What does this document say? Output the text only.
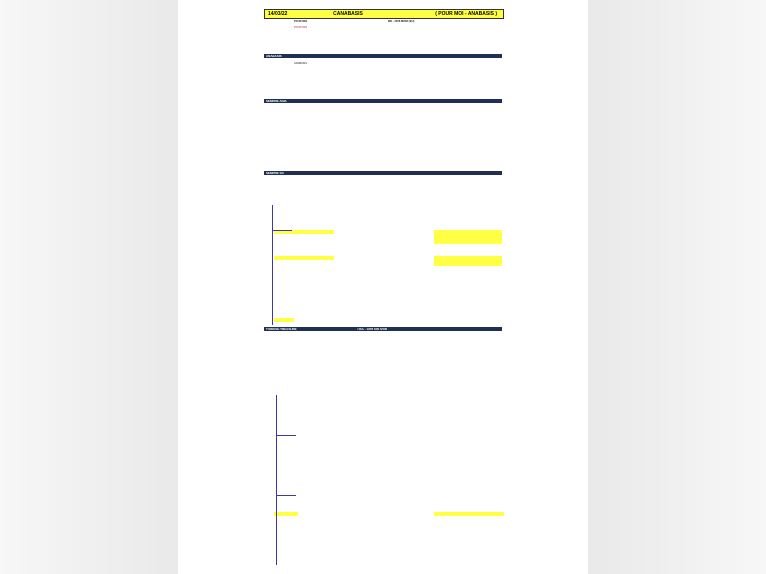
14/03/22	CANABASIS	( POUR MOI - ANABASIS )
POUR MOI	IRE - 2008 MONT.(EU)
POUR MOI
ANABASIS
ANABASIS
SEMPRE ANIA
SEMPRE SO
TURKISH TREASURE	USA - 1978 SIR IVOR
